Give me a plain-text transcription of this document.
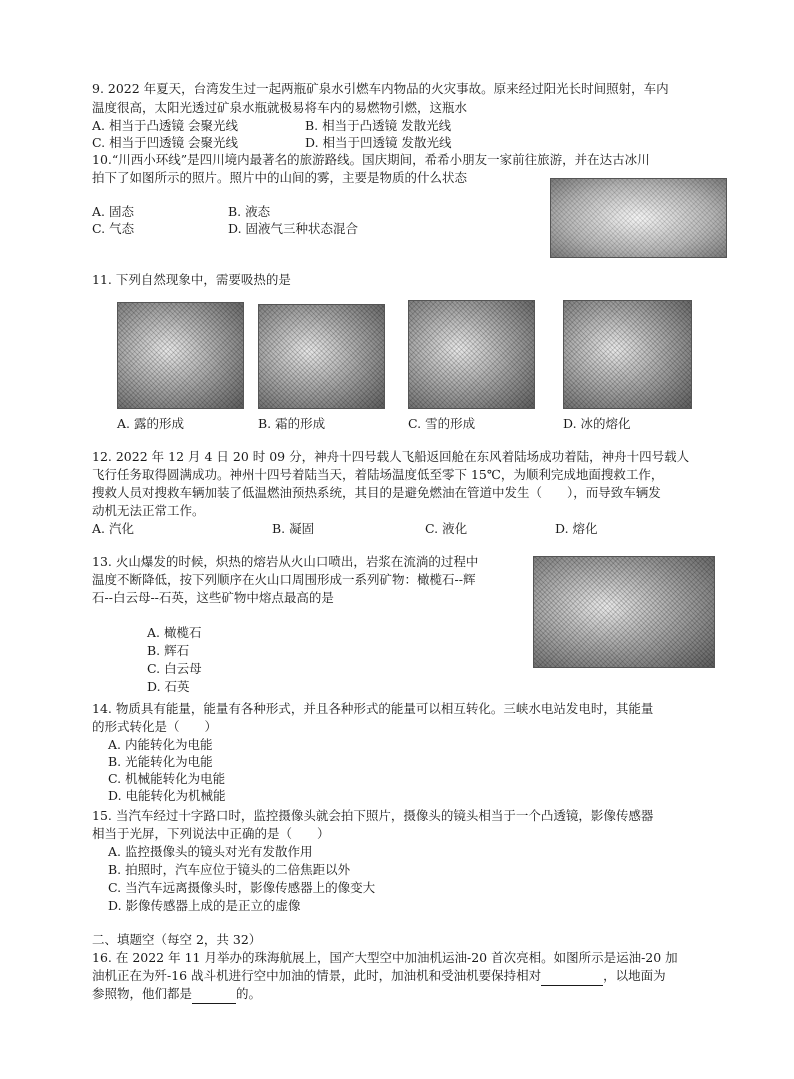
9. 2022 年夏天，台湾发生过一起两瓶矿泉水引燃车内物品的火灾事故。原来经过阳光长时间照射，车内
温度很高，太阳光透过矿泉水瓶就极易将车内的易燃物引燃，这瓶水
A. 相当于凸透镜 会聚光线	B. 相当于凸透镜 发散光线
C. 相当于凹透镜 会聚光线	D. 相当于凹透镜 发散光线
10.“川西小环线”是四川境内最著名的旅游路线。国庆期间，希希小朋友一家前往旅游，并在达古冰川
拍下了如图所示的照片。照片中的山间的雾，主要是物质的什么状态
A. 固态	B. 液态
C. 气态	D. 固液气三种状态混合
11. 下列自然现象中，需要吸热的是
A. 露的形成	B. 霜的形成	C. 雪的形成	D. 冰的熔化
12. 2022 年 12 月 4 日 20 时 09 分，神舟十四号载人飞船返回舱在东风着陆场成功着陆，神舟十四号载人
飞行任务取得圆满成功。神州十四号着陆当天，着陆场温度低至零下 15℃，为顺利完成地面搜救工作，
搜救人员对搜救车辆加装了低温燃油预热系统，其目的是避免燃油在管道中发生（　　），而导致车辆发
动机无法正常工作。
A. 汽化	B. 凝固	C. 液化	D. 熔化
13. 火山爆发的时候，炽热的熔岩从火山口喷出，岩浆在流淌的过程中
温度不断降低，按下列顺序在火山口周围形成一系列矿物：橄榄石--辉
石--白云母--石英，这些矿物中熔点最高的是
A. 橄榄石
B. 辉石
C. 白云母
D. 石英
14. 物质具有能量，能量有各种形式，并且各种形式的能量可以相互转化。三峡水电站发电时，其能量
的形式转化是（　　）
A. 内能转化为电能
B. 光能转化为电能
C. 机械能转化为电能
D. 电能转化为机械能
15. 当汽车经过十字路口时，监控摄像头就会拍下照片，摄像头的镜头相当于一个凸透镜，影像传感器
相当于光屏，下列说法中正确的是（　　）
A. 监控摄像头的镜头对光有发散作用
B. 拍照时，汽车应位于镜头的二倍焦距以外
C. 当汽车远离摄像头时，影像传感器上的像变大
D. 影像传感器上成的是正立的虚像
二、填题空（每空 2，共 32）
16. 在 2022 年 11 月举办的珠海航展上，国产大型空中加油机运油-20 首次亮相。如图所示是运油-20 加
油机正在为歼-16 战斗机进行空中加油的情景，此时，加油机和受油机要保持相对	，以地面为
参照物，他们都是	的。
